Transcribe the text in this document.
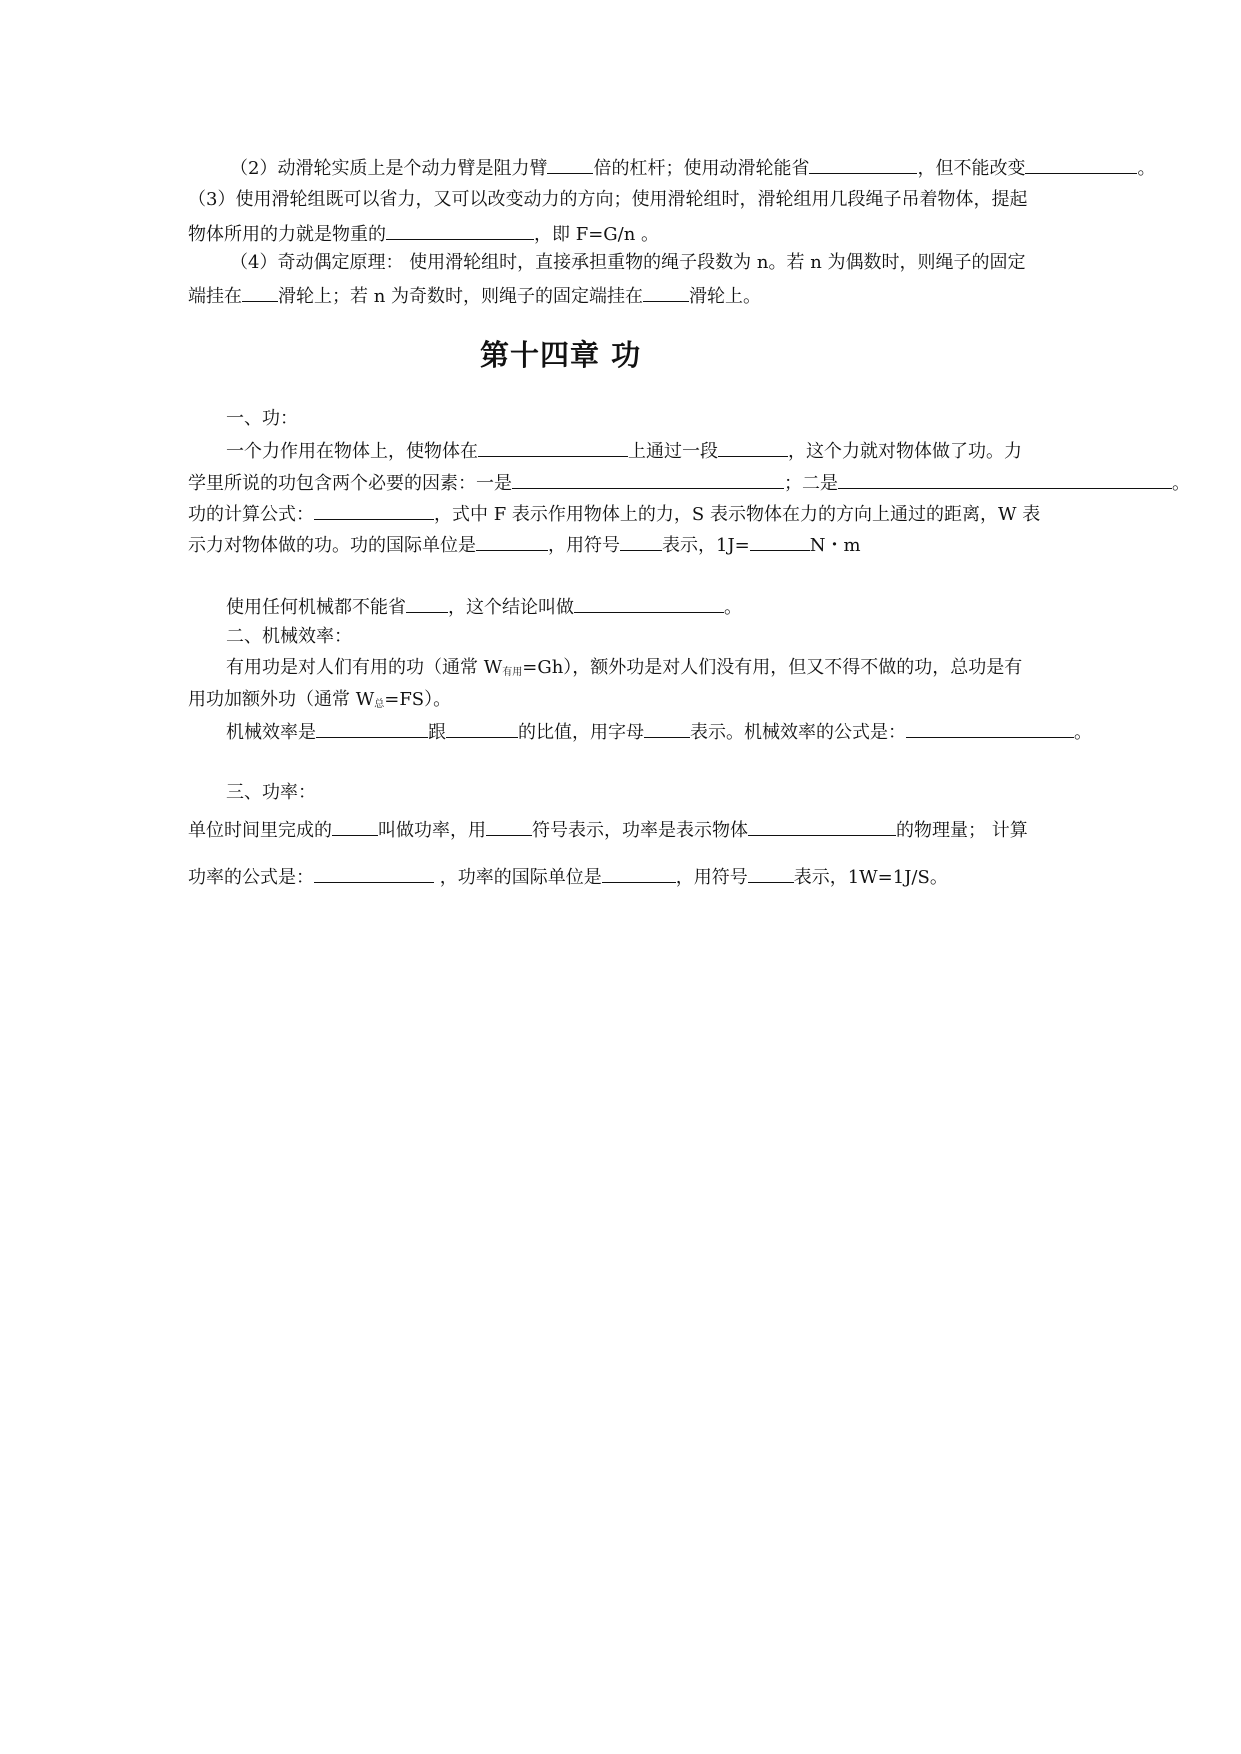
（2）动滑轮实质上是个动力臂是阻力臂	倍的杠杆；使用动滑轮能省	，但不能改变	。
（3）使用滑轮组既可以省力，又可以改变动力的方向；使用滑轮组时，滑轮组用几段绳子吊着物体，提起
物体所用的力就是物重的	，即 F=G/n 。
（4）奇动偶定原理： 使用滑轮组时，直接承担重物的绳子段数为 n。若 n 为偶数时，则绳子的固定
端挂在 滑轮上；若 n 为奇数时，则绳子的固定端挂在	滑轮上。
第十四章 功
一、功：
一个力作用在物体上，使物体在	上通过一段	，这个力就对物体做了功。力
学里所说的功包含两个必要的因素：一是	；二是	。
功的计算公式：	，式中 F 表示作用物体上的力，S 表示物体在力的方向上通过的距离，W 表
示力对物体做的功。功的国际单位是	，用符号 表示，1J=	N・m
使用任何机械都不能省 ，这个结论叫做	。
二、机械效率：
有用功是对人们有用的功（通常 $W_{有用}=Gh$），额外功是对人们没有用，但又不得不做的功，总功是有
用功加额外功（通常 $W_总=FS$）。
机械效率是	跟	的比值，用字母	表示。机械效率的公式是：	。
三、功率：
单位时间里完成的	叫做功率，用	符号表示，功率是表示物体	的物理量； 计算
功率的公式是：	，功率的国际单位是	，用符号	表示，1W=1J/S。
